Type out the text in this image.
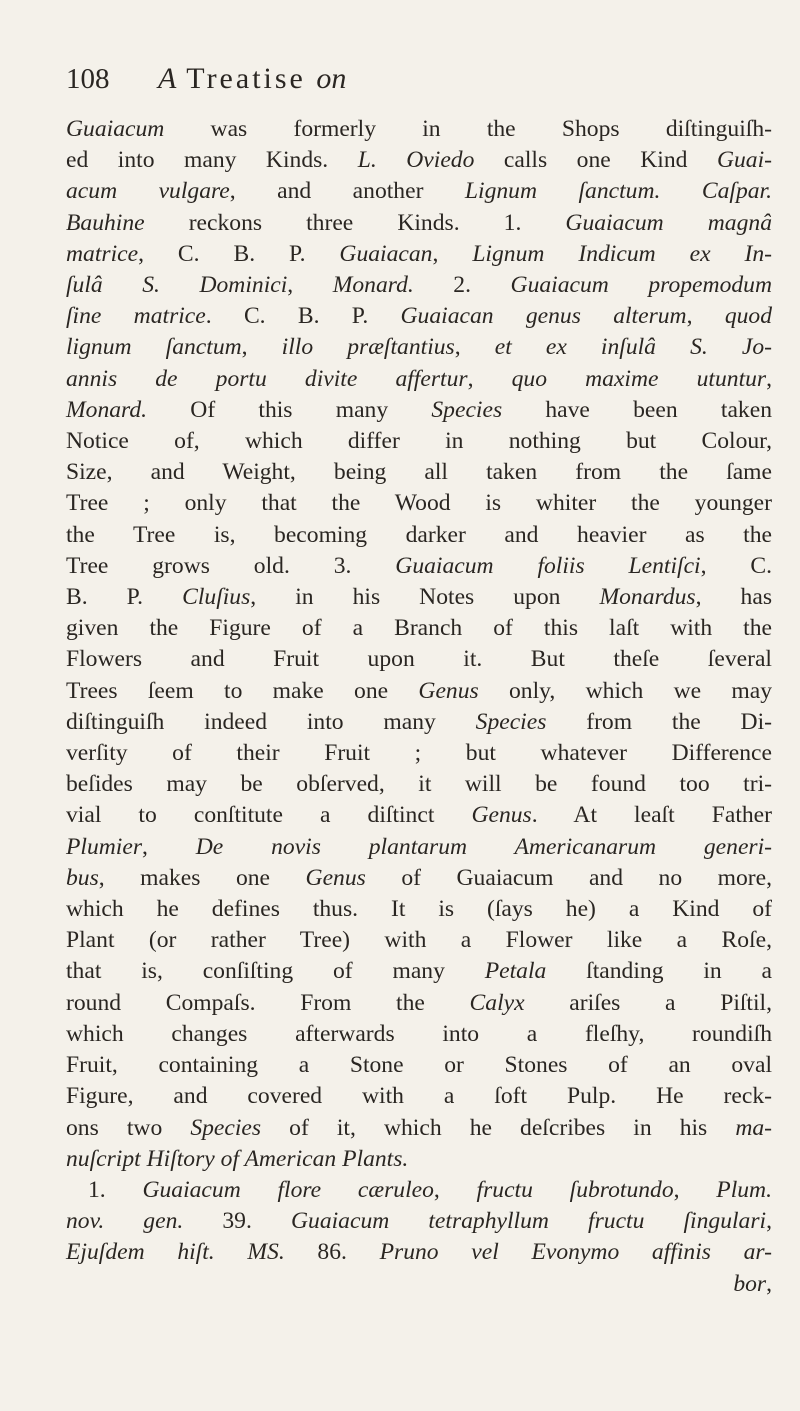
108	A Treatise on
Guaiacum was formerly in the Shops diſtinguiſh-
ed into many Kinds. L. Oviedo calls one Kind Guai-
acum vulgare, and another Lignum ſanctum. Caſpar.
Bauhine reckons three Kinds. 1. Guaiacum magnâ
matrice, C. B. P. Guaiacan, Lignum Indicum ex In-
ſulâ S. Dominici, Monard. 2. Guaiacum propemodum
ſine matrice. C. B. P. Guaiacan genus alterum, quod
lignum ſanctum, illo præſtantius, et ex inſulâ S. Jo-
annis de portu divite affertur, quo maxime utuntur,
Monard. Of this many Species have been taken
Notice of, which differ in nothing but Colour,
Size, and Weight, being all taken from the ſame
Tree ; only that the Wood is whiter the younger
the Tree is, becoming darker and heavier as the
Tree grows old. 3. Guaiacum foliis Lentiſci, C.
B. P. Cluſius, in his Notes upon Monardus, has
given the Figure of a Branch of this laſt with the
Flowers and Fruit upon it. But theſe ſeveral
Trees ſeem to make one Genus only, which we may
diſtinguiſh indeed into many Species from the Di-
verſity of their Fruit ; but whatever Difference
beſides may be obſerved, it will be found too tri-
vial to conſtitute a diſtinct Genus. At leaſt Father
Plumier, De novis plantarum Americanarum generi-
bus, makes one Genus of Guaiacum and no more,
which he defines thus. It is (ſays he) a Kind of
Plant (or rather Tree) with a Flower like a Roſe,
that is, conſiſting of many Petala ſtanding in a
round Compaſs. From the Calyx ariſes a Piſtil,
which changes afterwards into a fleſhy, roundiſh
Fruit, containing a Stone or Stones of an oval
Figure, and covered with a ſoft Pulp. He reck-
ons two Species of it, which he deſcribes in his ma-
nuſcript Hiſtory of American Plants.
1. Guaiacum flore cæruleo, fructu ſubrotundo, Plum.
nov. gen. 39. Guaiacum tetraphyllum fructu ſingulari,
Ejuſdem hiſt. MS. 86. Pruno vel Evonymo affinis ar-
bor,
